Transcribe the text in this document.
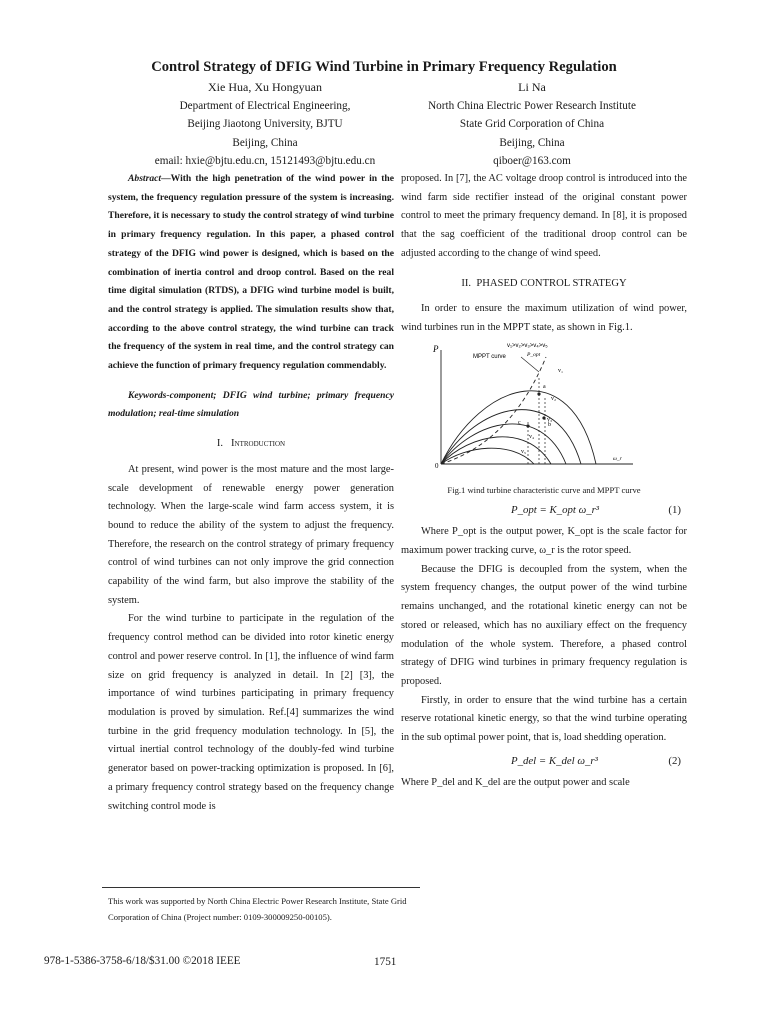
Control Strategy of DFIG Wind Turbine in Primary Frequency Regulation
Xie Hua, Xu Hongyuan
Department of Electrical Engineering,
Beijing Jiaotong University, BJTU
Beijing, China
email: hxie@bjtu.edu.cn, 15121493@bjtu.edu.cn
Li Na
North China Electric Power Research Institute
State Grid Corporation of China
Beijing, China
qiboer@163.com

Abstract—With the high penetration of the wind power in the system, the frequency regulation pressure of the system is increasing. Therefore, it is necessary to study the control strategy of wind turbine in primary frequency regulation. In this paper, a phased control strategy of the DFIG wind power is designed, which is based on the combination of inertia control and droop control. Based on the real time digital simulation (RTDS), a DFIG wind turbine model is built, and the control strategy is applied. The simulation results show that, according to the above control strategy, the wind turbine can track the frequency of the system in real time, and the control strategy can achieve the function of primary frequency regulation commendably.

Keywords-component; DFIG wind turbine; primary frequency modulation; real-time simulation

I. Introduction

At present, wind power is the most mature and the most large-scale development of renewable energy power generation technology. When the large-scale wind farm access system, it is bound to reduce the ability of the system to adjust the frequency. Therefore, the research on the control strategy of primary frequency control of wind turbines can not only improve the grid connection capability of the wind farm, but also improve the stability of the system.

For the wind turbine to participate in the regulation of the frequency control method can be divided into rotor kinetic energy control and power reserve control. In [1], the influence of wind farm size on grid frequency is analyzed in detail. In [2] [3], the importance of wind turbines participating in primary frequency modulation is proved by simulation. Ref.[4] summarizes the wind turbine in the grid frequency modulation technology. In [5], the virtual inertial control technology of the doubly-fed wind turbine generator based on power-tracking optimization is proposed. In [6], a primary frequency control strategy based on the frequency change switching control mode is

proposed. In [7], the AC voltage droop control is introduced into the wind farm side rectifier instead of the original constant power control to meet the primary frequency demand. In [8], it is proposed that the sag coefficient of the traditional droop control can be adjusted according to the change of wind speed.

II. PHASED CONTROL STRATEGY

In order to ensure the maximum utilization of wind power, wind turbines run in the MPPT state, as shown in Fig.1.

P	v₁>v₂>v₃>v₄>v₅
MPPT curve	P_opt
a
b
c
v₁
v₂
v₃
v₄
v₅
0
ω_r

Fig.1 wind turbine characteristic curve and MPPT curve

P_opt = K_opt ω_r³	(1)

Where P_opt is the output power, K_opt is the scale factor for maximum power tracking curve, ω_r is the rotor speed.

Because the DFIG is decoupled from the system, when the system frequency changes, the output power of the wind turbine remains unchanged, and the rotational kinetic energy can not be stored or released, which has no auxiliary effect on the frequency modulation of the whole system. Therefore, a phased control strategy of DFIG wind turbines in primary frequency regulation is proposed.

Firstly, in order to ensure that the wind turbine has a certain reserve rotational kinetic energy, so that the wind turbine operating in the sub optimal power point, that is, load shedding operation.

P_del = K_del ω_r³	(2)

Where P_del and K_del are the output power and scale

This work was supported by North China Electric Power Research Institute, State Grid Corporation of China (Project number: 0109-300009250-00105).
978-1-5386-3758-6/18/$31.00 ©2018 IEEE	1751
